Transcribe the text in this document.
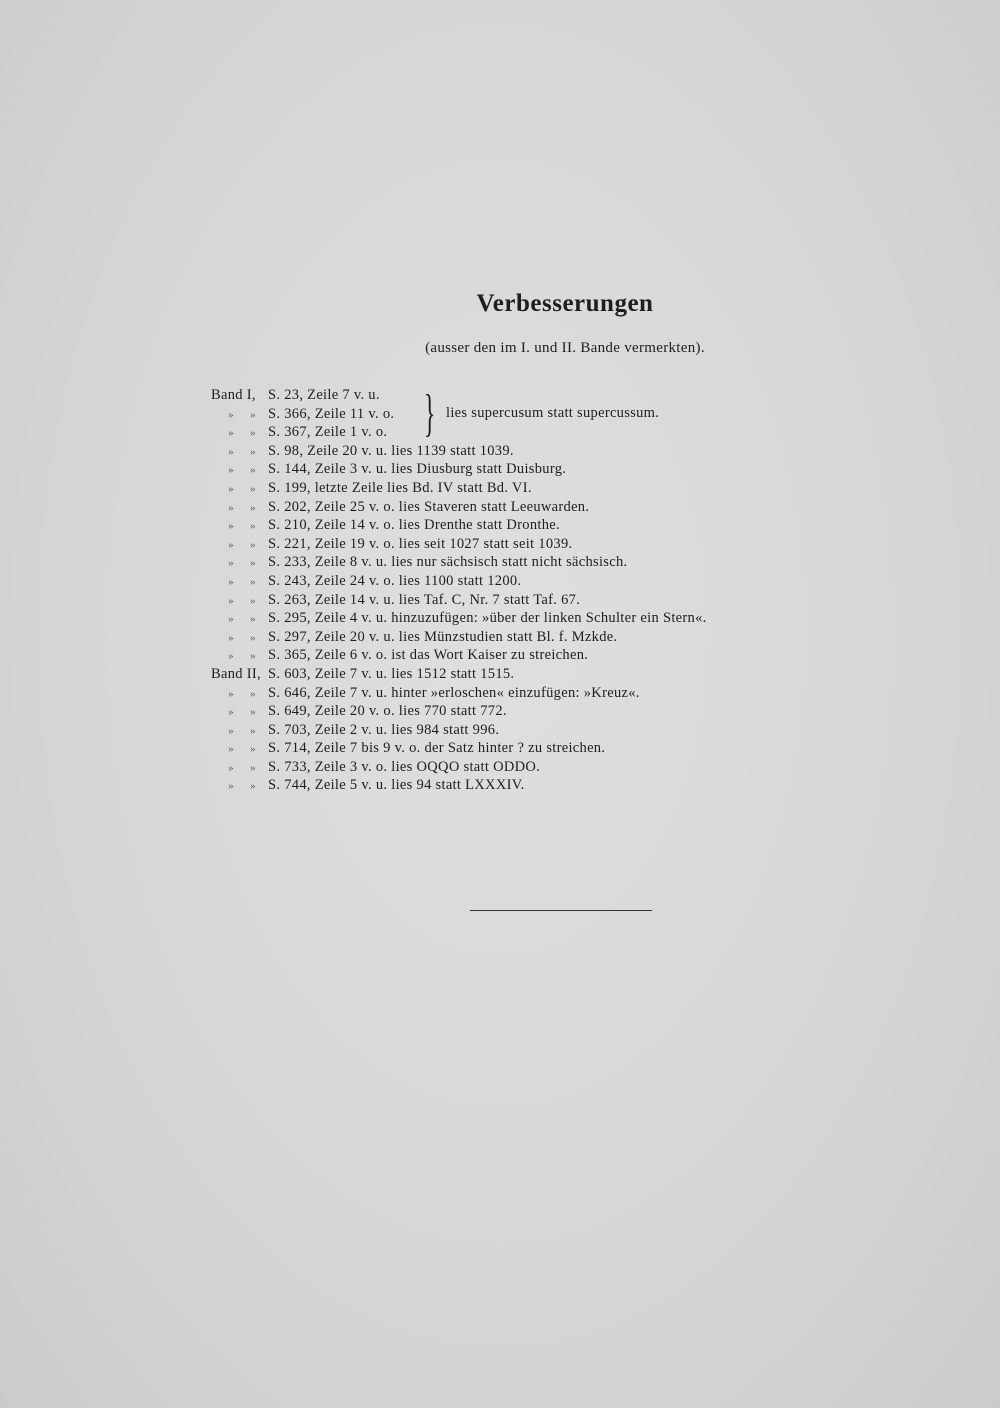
Verbesserungen
(ausser den im I. und II. Bande vermerkten).
Band I, S. 23, Zeile 7 v. u.
» » S. 366, Zeile 11 v. o.
» » S. 367, Zeile 1 v. o.
» » S. 98, Zeile 20 v. u. lies 1139 statt 1039.
» » S. 144, Zeile 3 v. u. lies Diusburg statt Duisburg.
» » S. 199, letzte Zeile lies Bd. IV statt Bd. VI.
» » S. 202, Zeile 25 v. o. lies Staveren statt Leeuwarden.
» » S. 210, Zeile 14 v. o. lies Drenthe statt Dronthe.
» » S. 221, Zeile 19 v. o. lies seit 1027 statt seit 1039.
» » S. 233, Zeile 8 v. u. lies nur sächsisch statt nicht sächsisch.
» » S. 243, Zeile 24 v. o. lies 1100 statt 1200.
» » S. 263, Zeile 14 v. u. lies Taf. C, Nr. 7 statt Taf. 67.
» » S. 295, Zeile 4 v. u. hinzuzufügen: »über der linken Schulter ein Stern«.
» » S. 297, Zeile 20 v. u. lies Münzstudien statt Bl. f. Mzkde.
» » S. 365, Zeile 6 v. o. ist das Wort Kaiser zu streichen.
Band II, S. 603, Zeile 7 v. u. lies 1512 statt 1515.
» » S. 646, Zeile 7 v. u. hinter »erloschen« einzufügen: »Kreuz«.
» » S. 649, Zeile 20 v. o. lies 770 statt 772.
» » S. 703, Zeile 2 v. u. lies 984 statt 996.
» » S. 714, Zeile 7 bis 9 v. o. der Satz hinter ? zu streichen.
» » S. 733, Zeile 3 v. o. lies OQQO statt ODDO.
» » S. 744, Zeile 5 v. u. lies 94 statt LXXXIV.
} lies supercusum statt supercussum.
